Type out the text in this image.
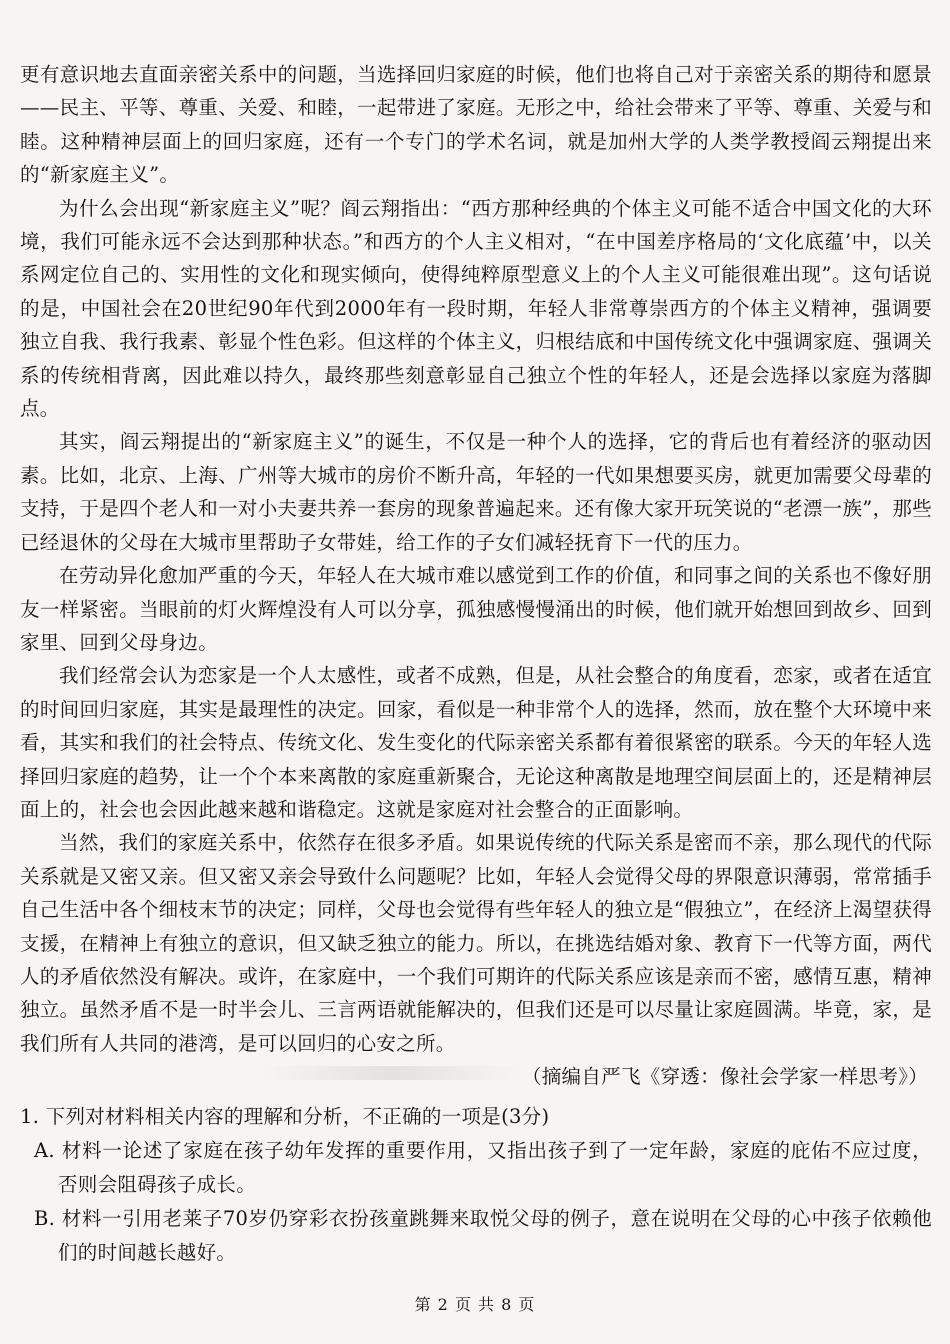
更有意识地去直面亲密关系中的问题，当选择回归家庭的时候，他们也将自己对于亲密关系的期待和愿景——民主、平等、尊重、关爱、和睦，一起带进了家庭。无形之中，给社会带来了平等、尊重、关爱与和睦。这种精神层面上的回归家庭，还有一个专门的学术名词，就是加州大学的人类学教授阎云翔提出来的“新家庭主义”。

为什么会出现“新家庭主义”呢？阎云翔指出：“西方那种经典的个体主义可能不适合中国文化的大环境，我们可能永远不会达到那种状态。”和西方的个人主义相对，“在中国差序格局的‘文化底蕴’中，以关系网定位自己的、实用性的文化和现实倾向，使得纯粹原型意义上的个人主义可能很难出现”。这句话说的是，中国社会在20世纪90年代到2000年有一段时期，年轻人非常尊崇西方的个体主义精神，强调要独立自我、我行我素、彰显个性色彩。但这样的个体主义，归根结底和中国传统文化中强调家庭、强调关系的传统相背离，因此难以持久，最终那些刻意彰显自己独立个性的年轻人，还是会选择以家庭为落脚点。

其实，阎云翔提出的“新家庭主义”的诞生，不仅是一种个人的选择，它的背后也有着经济的驱动因素。比如，北京、上海、广州等大城市的房价不断升高，年轻的一代如果想要买房，就更加需要父母辈的支持，于是四个老人和一对小夫妻共养一套房的现象普遍起来。还有像大家开玩笑说的“老漂一族”，那些已经退休的父母在大城市里帮助子女带娃，给工作的子女们减轻抚育下一代的压力。

在劳动异化愈加严重的今天，年轻人在大城市难以感觉到工作的价值，和同事之间的关系也不像好朋友一样紧密。当眼前的灯火辉煌没有人可以分享，孤独感慢慢涌出的时候，他们就开始想回到故乡、回到家里、回到父母身边。

我们经常会认为恋家是一个人太感性，或者不成熟，但是，从社会整合的角度看，恋家，或者在适宜的时间回归家庭，其实是最理性的决定。回家，看似是一种非常个人的选择，然而，放在整个大环境中来看，其实和我们的社会特点、传统文化、发生变化的代际亲密关系都有着很紧密的联系。今天的年轻人选择回归家庭的趋势，让一个个本来离散的家庭重新聚合，无论这种离散是地理空间层面上的，还是精神层面上的，社会也会因此越来越和谐稳定。这就是家庭对社会整合的正面影响。

当然，我们的家庭关系中，依然存在很多矛盾。如果说传统的代际关系是密而不亲，那么现代的代际关系就是又密又亲。但又密又亲会导致什么问题呢？比如，年轻人会觉得父母的界限意识薄弱，常常插手自己生活中各个细枝末节的决定；同样，父母也会觉得有些年轻人的独立是“假独立”，在经济上渴望获得支援，在精神上有独立的意识，但又缺乏独立的能力。所以，在挑选结婚对象、教育下一代等方面，两代人的矛盾依然没有解决。或许，在家庭中，一个我们可期许的代际关系应该是亲而不密，感情互惠，精神独立。虽然矛盾不是一时半会儿、三言两语就能解决的，但我们还是可以尽量让家庭圆满。毕竟，家，是我们所有人共同的港湾，是可以回归的心安之所。

（摘编自严飞《穿透：像社会学家一样思考》）

1. 下列对材料相关内容的理解和分析，不正确的一项是(3分)

A. 材料一论述了家庭在孩子幼年发挥的重要作用，又指出孩子到了一定年龄，家庭的庇佑不应过度，否则会阻碍孩子成长。

B. 材料一引用老莱子70岁仍穿彩衣扮孩童跳舞来取悦父母的例子，意在说明在父母的心中孩子依赖他们的时间越长越好。

第 2 页 共 8 页
